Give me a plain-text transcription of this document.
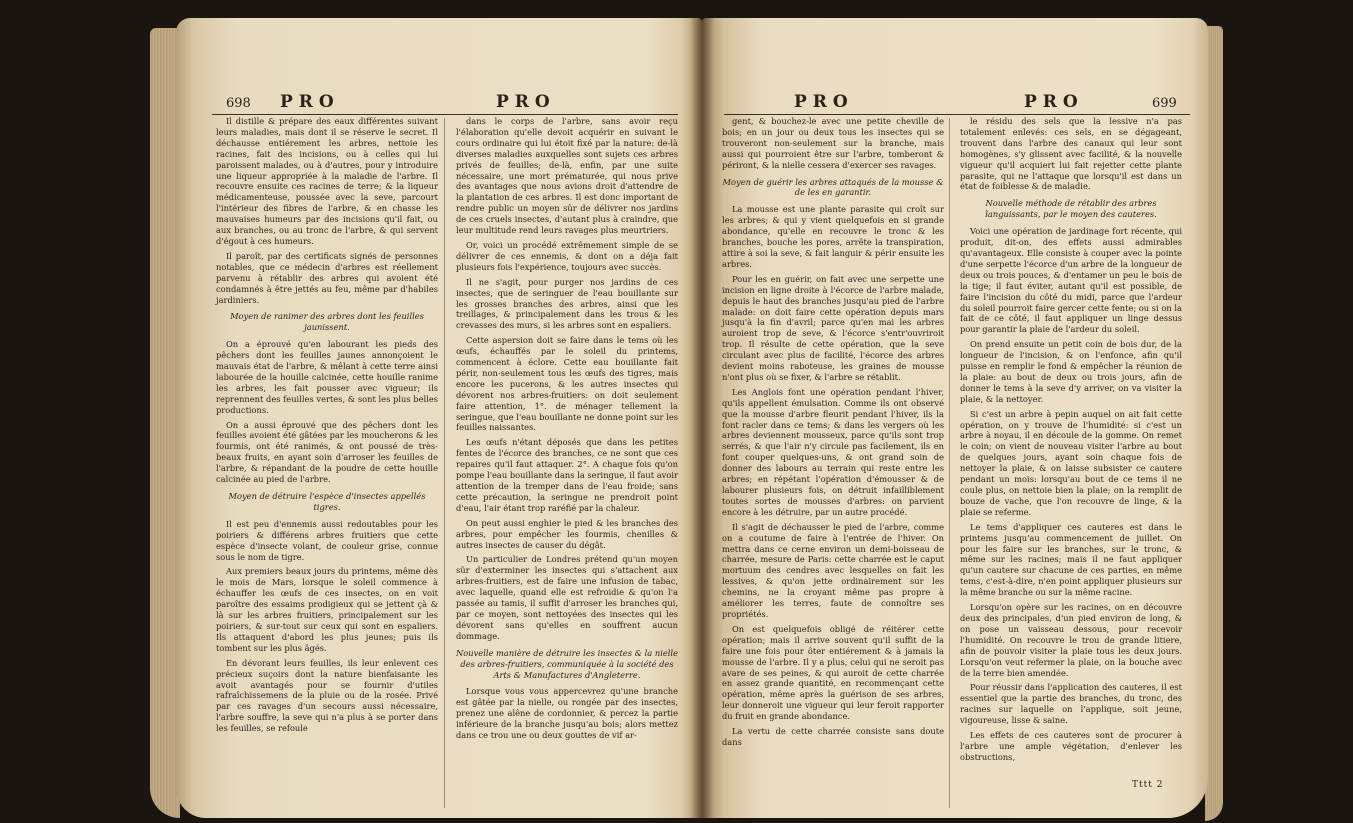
698 PRO	PRO

Il distille & prépare des eaux différentes suivant leurs maladies, mais dont il se réserve le secret. Il déchausse entiérement les arbres, nettoie les racines, fait des incisions, ou à celles qui lui paroissent malades, ou à d'autres, pour y introduire une liqueur appropriée à la maladie de l'arbre. Il recouvre ensuite ces racines de terre; & la liqueur médicamenteuse, poussée avec la seve, parcourt l'intérieur des fibres de l'arbre, & en chasse les mauvaises humeurs par des incisions qu'il fait, ou aux branches, ou au tronc de l'arbre, & qui servent d'égout à ces humeurs.

Il paroît, par des certificats signés de personnes notables, que ce médecin d'arbres est réellement parvenu à rétablir des arbres qui avoient été condamnés à être jettés au feu, même par d'habiles jardiniers.

Moyen de ranimer des arbres dont les feuilles jaunissent.

On a éprouvé qu'en labourant les pieds des pêchers dont les feuilles jaunes annonçoient le mauvais état de l'arbre, & mêlant à cette terre ainsi labourée de la houille calcinée, cette houille ranime les arbres, les fait pousser avec vigueur; ils reprennent des feuilles vertes, & sont les plus belles productions.

On a aussi éprouvé que des pêchers dont les feuilles avoient été gâtées par les moucherons & les fourmis, ont été ranimés, & ont poussé de très-beaux fruits, en ayant soin d'arroser les feuilles de l'arbre, & répandant de la poudre de cette houille calcinée au pied de l'arbre.

Moyen de détruire l'espèce d'insectes appellés tigres.

Il est peu d'ennemis aussi redoutables pour les poiriers & différens arbres fruitiers que cette espèce d'insecte volant, de couleur grise, connue sous le nom de tigre.

Aux premiers beaux jours du printems, même dès le mois de Mars, lorsque le soleil commence à échauffer les œufs de ces insectes, on en voit paroître des essaims prodigieux qui se jettent çà & là sur les arbres fruitiers, principalement sur les poiriers, & sur-tout sur ceux qui sont en espaliers. Ils attaquent d'abord les plus jeunes; puis ils tombent sur les plus âgés.

En dévorant leurs feuilles, ils leur enlevent ces précieux suçoirs dont la nature bienfaisante les avoit avantagés pour se fournir d'utiles rafraîchissemens de la pluie ou de la rosée. Privé par ces ravages d'un secours aussi nécessaire, l'arbre souffre, la seve qui n'a plus à se porter dans les feuilles, se refoule

dans le corps de l'arbre, sans avoir reçu l'élaboration qu'elle devoit acquérir en suivant le cours ordinaire qui lui étoit fixé par la nature: de-là diverses maladies auxquelles sont sujets ces arbres privés de feuilles; de-là, enfin, par une suite nécessaire, une mort prématurée, qui nous prive des avantages que nous avions droit d'attendre de la plantation de ces arbres. Il est donc important de rendre public un moyen sûr de délivrer nos jardins de ces cruels insectes, d'autant plus à craindre, que leur multitude rend leurs ravages plus meurtriers.

Or, voici un procédé extrêmement simple de se délivrer de ces ennemis, & dont on a déja fait plusieurs fois l'expérience, toujours avec succès.

Il ne s'agit, pour purger nos jardins de ces insectes, que de seringuer de l'eau bouillante sur les grosses branches des arbres, ainsi que les treillages, & principalement dans les trous & les crevasses des murs, si les arbres sont en espaliers.

Cette aspersion doit se faire dans le tems où les œufs, échauffés par le soleil du printems, commencent à éclore. Cette eau bouillante fait périr, non-seulement tous les œufs des tigres, mais encore les pucerons, & les autres insectes qui dévorent nos arbres-fruitiers: on doit seulement faire attention, 1°. de ménager tellement la seringue, que l'eau bouillante ne donne point sur les feuilles naissantes.

Les œufs n'étant déposés que dans les petites fentes de l'écorce des branches, ce ne sont que ces repaires qu'il faut attaquer. 2°. A chaque fois qu'on pompe l'eau bouillante dans la seringue, il faut avoir attention de la tremper dans de l'eau froide; sans cette précaution, la seringue ne prendroit point d'eau, l'air étant trop raréfié par la chaleur.

On peut aussi enghier le pied & les branches des arbres, pour empêcher les fourmis, chenilles & autres insectes de causer du dégât.

Un particulier de Londres prétend qu'un moyen sûr d'exterminer les insectes qui s'attachent aux arbres-fruitiers, est de faire une infusion de tabac, avec laquelle, quand elle est refroidie & qu'on l'a passée au tamis, il suffit d'arroser les branches qui, par ce moyen, sont nettoyées des insectes qui les dévorent sans qu'elles en souffrent aucun dommage.

Nouvelle manière de détruire les insectes & la nielle des arbres-fruitiers, communiquée à la société des Arts & Manufactures d'Angleterre.

Lorsque vous vous appercevrez qu'une branche est gâtée par la nielle, ou rongée par des insectes, prenez une alêne de cordonnier, & percez la partie inférieure de la branche jusqu'au bois; alors mettez dans ce trou une ou deux gouttes de vif ar-

PRO	PRO	699

gent, & bouchez-le avec une petite cheville de bois; en un jour ou deux tous les insectes qui se trouveront non-seulement sur la branche, mais aussi qui pourroient être sur l'arbre, tomberont & périront, & la nielle cessera d'exercer ses ravages.

Moyen de guérir les arbres attaqués de la mousse & de les en garantir.

La mousse est une plante parasite qui croît sur les arbres; & qui y vient quelquefois en si grande abondance, qu'elle en recouvre le tronc & les branches, bouche les pores, arrête la transpiration, attire à soi la seve, & fait languir & périr ensuite les arbres.

Pour les en guérir, on fait avec une serpette une incision en ligne droite à l'écorce de l'arbre malade, depuis le haut des branches jusqu'au pied de l'arbre malade: on doit faire cette opération depuis mars jusqu'à la fin d'avril; parce qu'en mai les arbres auroient trop de seve, & l'écorce s'entr'ouvriroit trop. Il résulte de cette opération, que la seve circulant avec plus de facilité, l'écorce des arbres devient moins raboteuse, les graines de mousse n'ont plus où se fixer, & l'arbre se rétablit.

Les Anglois font une opération pendant l'hiver, qu'ils appellent émulsation. Comme ils ont observé que la mousse d'arbre fleurit pendant l'hiver, ils la font racler dans ce tems; & dans les vergers où les arbres deviennent mousseux, parce qu'ils sont trop serrés, & que l'air n'y circule pas facilement, ils en font couper quelques-uns, & ont grand soin de donner des labours au terrain qui reste entre les arbres; en répétant l'opération d'émousser & de labourer plusieurs fois, on détruit infailliblement toutes sortes de mousses d'arbres: on parvient encore à les détruire, par un autre procédé.

Il s'agit de déchausser le pied de l'arbre, comme on a coutume de faire à l'entrée de l'hiver. On mettra dans ce cerne environ un demi-boisseau de charrée, mesure de Paris: cette charrée est le caput mortuum des cendres avec lesquelles on fait les lessives, & qu'on jette ordinairement sur les chemins, ne la croyant même pas propre à améliorer les terres, faute de connoître ses propriétés.

On est quelquefois obligé de réitérer cette opération; mais il arrive souvent qu'il suffit de la faire une fois pour ôter entiérement & à jamais la mousse de l'arbre. Il y a plus, celui qui ne seroit pas avare de ses peines, & qui auroit de cette charrée en assez grande quantité, en recommençant cette opération, même après la guérison de ses arbres, leur donneroit une vigueur qui leur feroit rapporter du fruit en grande abondance.

La vertu de cette charrée consiste sans doute dans

le résidu des sels que la lessive n'a pas totalement enlevés: ces sels, en se dégageant, trouvent dans l'arbre des canaux qui leur sont homogènes, s'y glissent avec facilité, & la nouvelle vigueur qu'il acquiert lui fait rejetter cette plante parasite, qui ne l'attaque que lorsqu'il est dans un état de foiblesse & de maladie.

Nouvelle méthode de rétablir des arbres languissants, par le moyen des cauteres.

Voici une opération de jardinage fort récente, qui produit, dit-on, des effets aussi admirables qu'avantageux. Elle consiste à couper avec la pointe d'une serpette l'écorce d'un arbre de la longueur de deux ou trois pouces, & d'entamer un peu le bois de la tige; il faut éviter, autant qu'il est possible, de faire l'incision du côté du midi, parce que l'ardeur du soleil pourroit faire gercer cette fente; ou si on la fait de ce côté, il faut appliquer un linge dessus pour garantir la plaie de l'ardeur du soleil.

On prend ensuite un petit coin de bois dur, de la longueur de l'incision, & on l'enfonce, afin qu'il puisse en remplir le fond & empêcher la réunion de la plaie: au bout de deux ou trois jours, afin de donner le tems à la seve d'y arriver, on va visiter la plaie, & la nettoyer.

Si c'est un arbre à pepin auquel on ait fait cette opération, on y trouve de l'humidité: si c'est un arbre à noyau, il en découle de la gomme. On remet le coin; on vient de nouveau visiter l'arbre au bout de quelques jours, ayant soin chaque fois de nettoyer la plaie, & on laisse subsister ce cautere pendant un mois: lorsqu'au bout de ce tems il ne coule plus, on nettoie bien la plaie; on la remplit de bouze de vache, que l'on recouvre de linge, & la plaie se referme.

Le tems d'appliquer ces cauteres est dans le printems jusqu'au commencement de juillet. On pour les faire sur les branches, sur le tronc, & même sur les racines; mais il ne faut appliquer qu'un cautere sur chacune de ces parties, en même tems, c'est-à-dire, n'en point appliquer plusieurs sur la même branche ou sur la même racine.

Lorsqu'on opère sur les racines, on en découvre deux des principales, d'un pied environ de long, & on pose un vaisseau dessous, pour recevoir l'humidité. On recouvre le trou de grande litiere, afin de pouvoir visiter la plaie tous les deux jours. Lorsqu'on veut refermer la plaie, on la bouche avec de la terre bien amendée.

Pour réussir dans l'application des cauteres, il est essentiel que la partie des branches, du tronc, des racines sur laquelle on l'applique, soit jeune, vigoureuse, lisse & saine.

Les effets de ces cauteres sont de procurer à l'arbre une ample végétation, d'enlever les obstructions,

Tttt 2
